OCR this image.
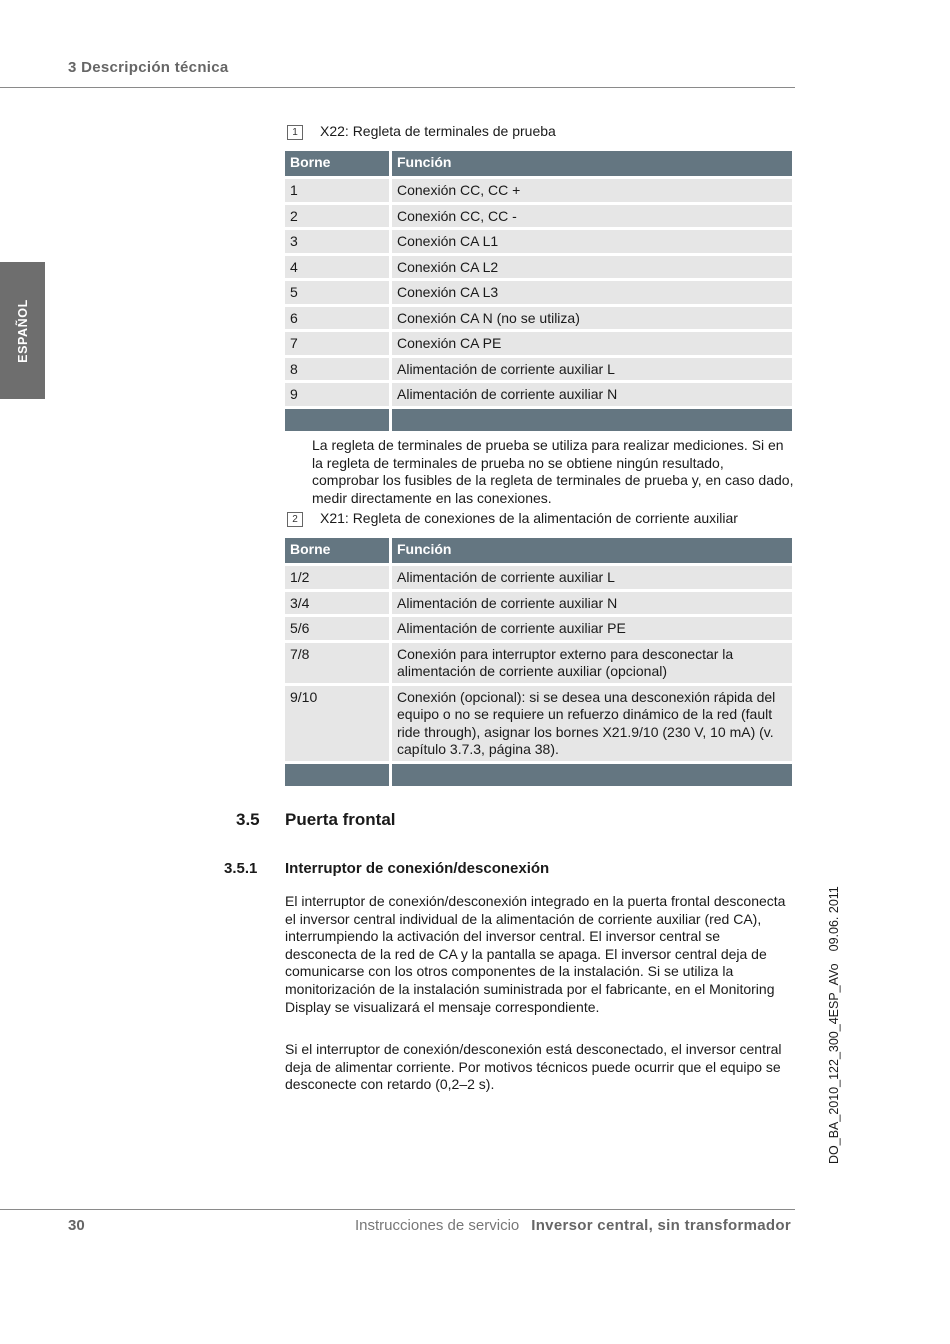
3 Descripción técnica
ESPAÑOL
1 X22: Regleta de terminales de prueba
Borne	Función
1	Conexión CC, CC +
2	Conexión CC, CC -
3	Conexión CA L1
4	Conexión CA L2
5	Conexión CA L3
6	Conexión CA N (no se utiliza)
7	Conexión CA PE
8	Alimentación de corriente auxiliar L
9	Alimentación de corriente auxiliar N

La regleta de terminales de prueba se utiliza para realizar mediciones. Si en la regleta de terminales de prueba no se obtiene ningún resultado, comprobar los fusibles de la regleta de terminales de prueba y, en caso dado, medir directamente en las conexiones.
2 X21: Regleta de conexiones de la alimentación de corriente auxiliar
Borne	Función
1/2	Alimentación de corriente auxiliar L
3/4	Alimentación de corriente auxiliar N
5/6	Alimentación de corriente auxiliar PE
7/8	Conexión para interruptor externo para desconectar la alimentación de corriente auxiliar (opcional)
9/10	Conexión (opcional): si se desea una desconexión rápida del equipo o no se requiere un refuerzo dinámico de la red (fault ride through), asignar los bornes X21.9/10 (230 V, 10 mA) (v. capítulo 3.7.3, página 38).

3.5 Puerta frontal
3.5.1 Interruptor de conexión/desconexión
El interruptor de conexión/desconexión integrado en la puerta frontal desconecta el inversor central individual de la alimentación de corriente auxiliar (red CA), interrumpiendo la activación del inversor central. El inversor central se desconecta de la red de CA y la pantalla se apaga. El inversor central deja de comunicarse con los otros componentes de la instalación. Si se utiliza la monitorización de la instalación suministrada por el fabricante, en el Monitoring Display se visualizará el mensaje correspondiente.
Si el interruptor de conexión/desconexión está desconectado, el inversor central deja de alimentar corriente. Por motivos técnicos puede ocurrir que el equipo se desconecte con retardo (0,2–2 s).	DO_BA_2010_122_300_4ESP_AVo09.06. 2011
30	Instrucciones de servicio Inversor central, sin transformador
